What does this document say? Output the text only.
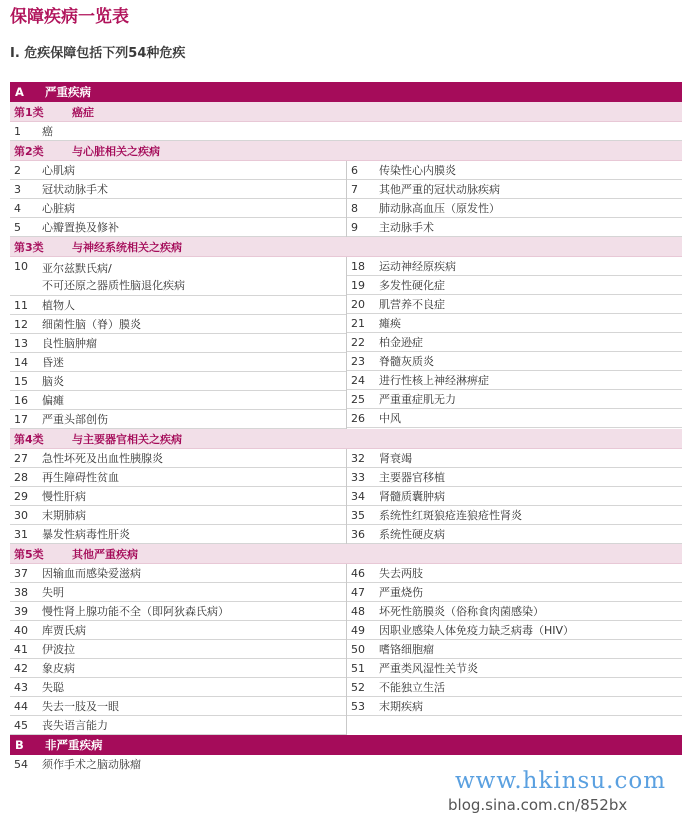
保障疾病一览表
I. 危疾保障包括下列54种危疾
A	严重疾病
第1类	癌症
1	癌
第2类	与心脏相关之疾病
2	心肌病
3	冠状动脉手术
4	心脏病
5	心瓣置换及修补
6	传染性心内膜炎
7	其他严重的冠状动脉疾病
8	肺动脉高血压（原发性）
9	主动脉手术
第3类	与神经系统相关之疾病
10	亚尔兹默氏病/
不可还原之器质性脑退化疾病
11	植物人
12	细菌性脑（脊）膜炎
13	良性脑肿瘤
14	昏迷
15	脑炎
16	偏瘫
17	严重头部创伤
18	运动神经原疾病
19	多发性硬化症
20	肌营养不良症
21	瘫痪
22	柏金逊症
23	脊髓灰质炎
24	进行性核上神经淋痹症
25	严重重症肌无力
26	中风
第4类	与主要器官相关之疾病
27	急性坏死及出血性胰腺炎
28	再生障碍性贫血
29	慢性肝病
30	末期肺病
31	暴发性病毒性肝炎
32	肾衰竭
33	主要器官移植
34	肾髓质囊肿病
35	系统性红斑狼疮连狼疮性肾炎
36	系统性硬皮病
第5类	其他严重疾病
37	因输血而感染爱滋病
38	失明
39	慢性肾上腺功能不全（即阿狄森氏病）
40	库贾氏病
41	伊波拉
42	象皮病
43	失聪
44	失去一肢及一眼
45	丧失语言能力
46	失去两肢
47	严重烧伤
48	坏死性筋膜炎（俗称食肉菌感染）
49	因职业感染人体免疫力缺乏病毒（HIV）
50	嗜铬细胞瘤
51	严重类风湿性关节炎
52	不能独立生活
53	末期疾病
B	非严重疾病
54	须作手术之脑动脉瘤
www.hkinsu.com
blog.sina.com.cn/852bx
